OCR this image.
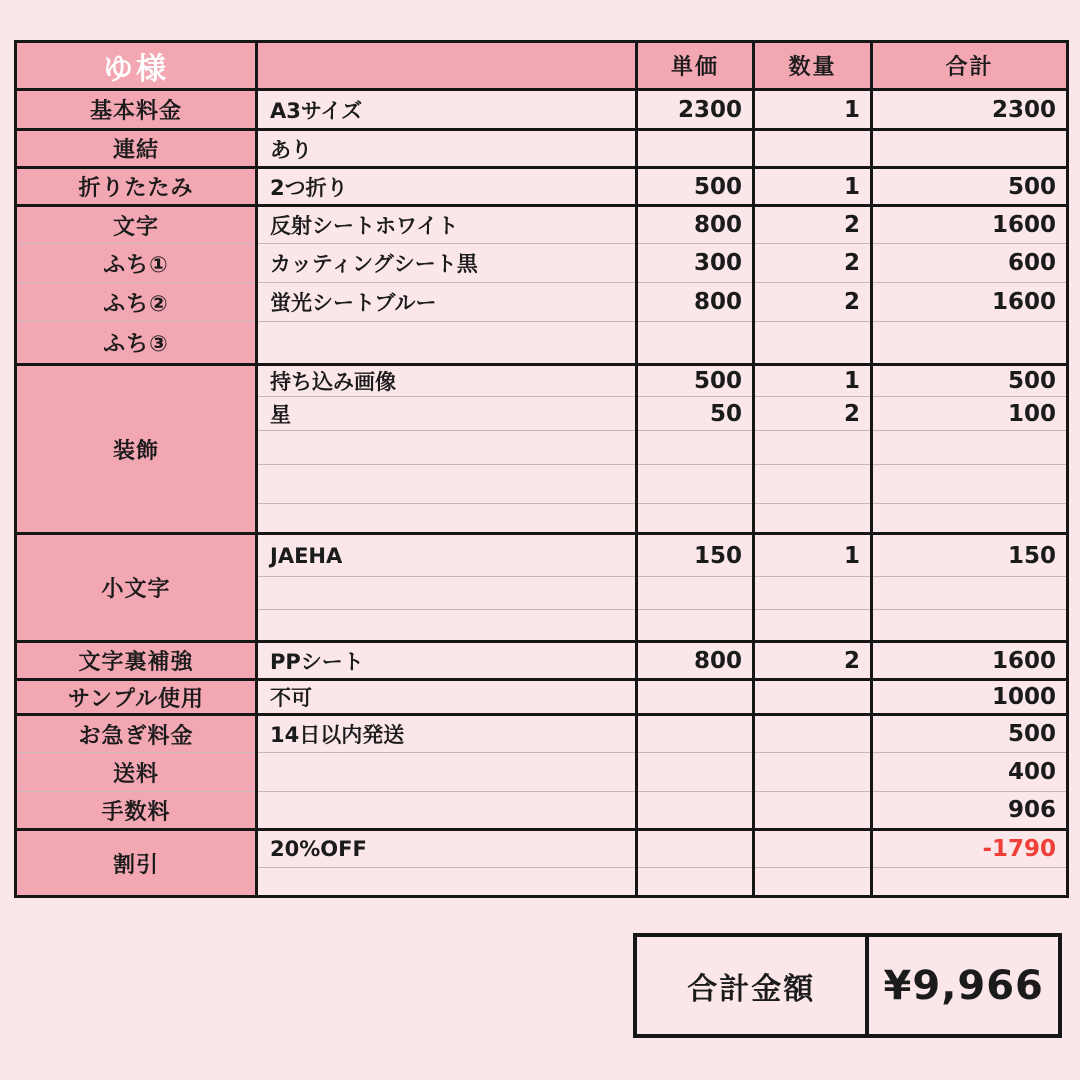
ゆ様		単価	数量	合計
基本料金	A3サイズ	2300	1	2300
連結	あり			
折りたたみ	2つ折り	500	1	500
文字	反射シートホワイト	800	2	1600
ふち①	カッティングシート黒	300	2	600
ふち②	蛍光シートブルー	800	2	1600
ふち③				
装飾	持ち込み画像	500	1	500
	星	50	2	100

小文字	JAEHA	150	1	150

文字裏補強	PPシート	800	2	1600
サンプル使用	不可			1000
お急ぎ料金	14日以内発送			500
送料				400
手数料				906
割引	20%OFF			-1790

合計金額	¥9,966
